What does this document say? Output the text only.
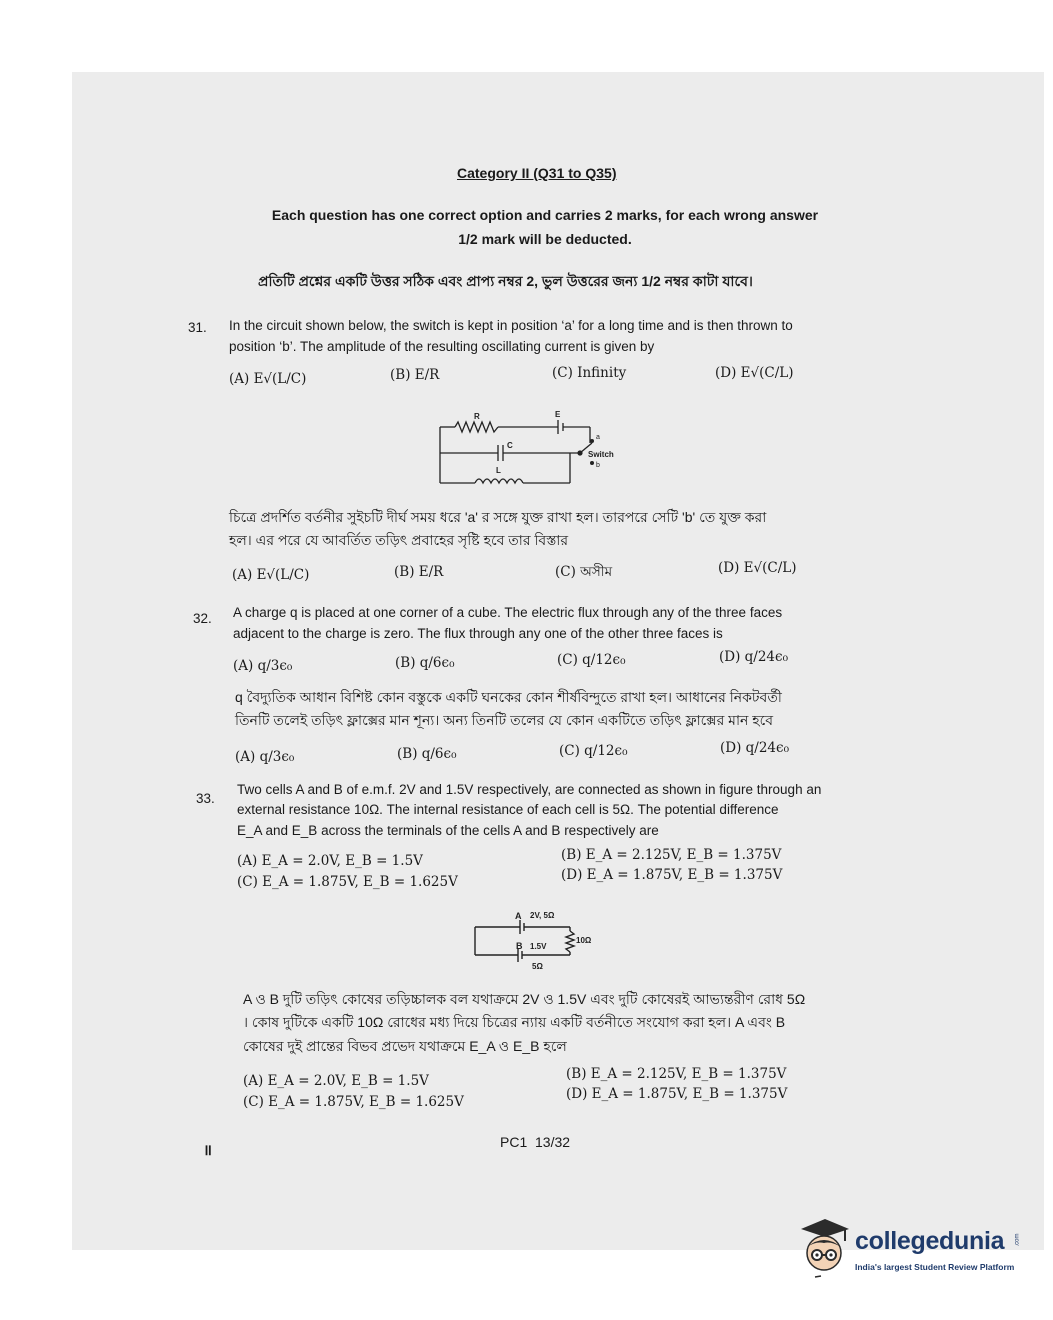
Category II (Q31 to Q35)
Each question has one correct option and carries 2 marks, for each wrong answer
1/2 mark will be deducted.
প্রতিটি প্রশ্নের একটি উত্তর সঠিক এবং প্রাপ্য নম্বর 2, ভুল উত্তরের জন্য 1/2 নম্বর কাটা যাবে।
31. In the circuit shown below, the switch is kept in position ‘a’ for a long time and is then thrown to
position ‘b’. The amplitude of the resulting oscillating current is given by
(A) E√(L/C)	(B) E/R	(C) Infinity	(D) E√(C/L)
R	E
C
L
a
b
Switch
চিত্রে প্রদর্শিত বর্তনীর সুইচটি দীর্ঘ সময় ধরে 'a' র সঙ্গে যুক্ত রাখা হল। তারপরে সেটি 'b' তে যুক্ত করা
হল। এর পরে যে আবর্তিত তড়িৎ প্রবাহের সৃষ্টি হবে তার বিস্তার
(A) E√(L/C)	(B) E/R	(C) অসীম	(D) E√(C/L)
32. A charge q is placed at one corner of a cube. The electric flux through any of the three faces
adjacent to the charge is zero. The flux through any one of the other three faces is
(A) q/3ϵ₀	(B) q/6ϵ₀	(C) q/12ϵ₀	(D) q/24ϵ₀
q বৈদ্যুতিক আধান বিশিষ্ট কোন বস্তুকে একটি ঘনকের কোন শীর্ষবিন্দুতে রাখা হল। আধানের নিকটবর্তী
তিনটি তলেই তড়িৎ ফ্লাক্সের মান শূন্য। অন্য তিনটি তলের যে কোন একটিতে তড়িৎ ফ্লাক্সের মান হবে
(A) q/3ϵ₀	(B) q/6ϵ₀	(C) q/12ϵ₀	(D) q/24ϵ₀
33.
Two cells A and B of e.m.f. 2V and 1.5V respectively, are connected as shown in figure through an
external resistance 10Ω. The internal resistance of each cell is 5Ω. The potential difference
E_A and E_B across the terminals of the cells A and B respectively are
(A) E_A = 2.0V, E_B = 1.5V	(B) E_A = 2.125V, E_B = 1.375V
(C) E_A = 1.875V, E_B = 1.625V	(D) E_A = 1.875V, E_B = 1.375V
A 2V, 5Ω
B 1.5V
5Ω
10Ω
A ও B দুটি তড়িৎ কোষের তড়িচ্চালক বল যথাক্রমে 2V ও 1.5V এবং দুটি কোষেরই আভ্যন্তরীণ রোধ 5Ω
। কোষ দুটিকে একটি 10Ω রোধের মধ্য দিয়ে চিত্রের ন্যায় একটি বর্তনীতে সংযোগ করা হল। A এবং B
কোষের দুই প্রান্তের বিভব প্রভেদ যথাক্রমে E_A ও E_B হলে
(A) E_A = 2.0V, E_B = 1.5V	(B) E_A = 2.125V, E_B = 1.375V
(C) E_A = 1.875V, E_B = 1.625V	(D) E_A = 1.875V, E_B = 1.375V
॥	PC1  13/32
collegedunia .com
India's largest Student Review Platform
